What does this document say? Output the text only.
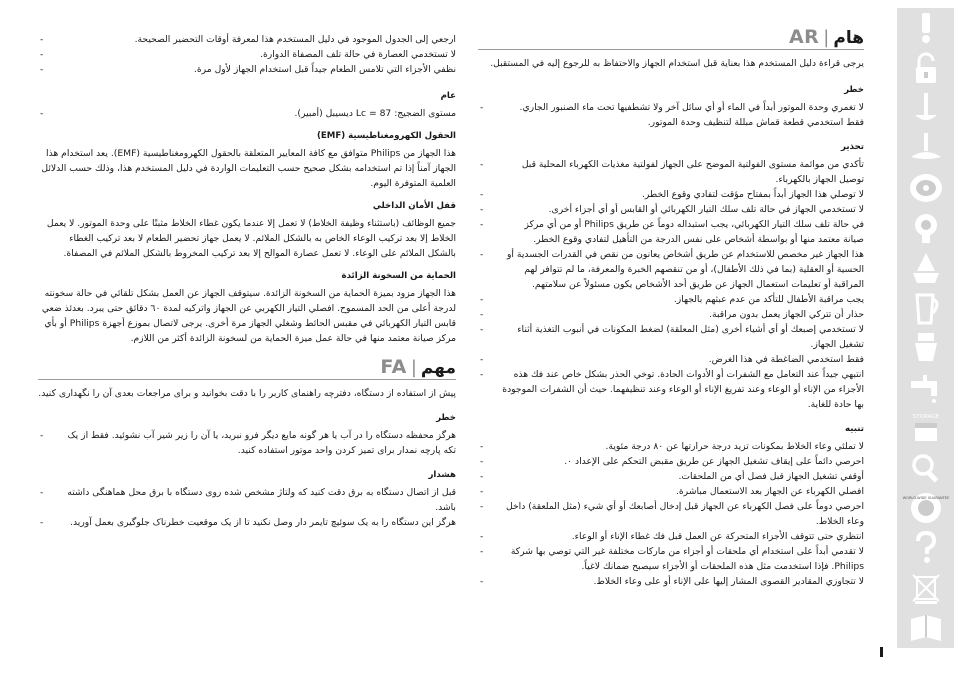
ارجعي إلى الجدول الموجود في دليل المستخدم هذا لمعرفة أوقات التحضير الصحيحة. -
لا تستخدمي العصارة في حالة تلف المصفاة الدوارة. -
نظفي الأجزاء التي تلامس الطعام جيداً قبل استخدام الجهاز لأول مرة. -
عام
مستوى الضجيج: Lc = 87 ديسيبل (أمبير). -
الحقول الكهرومغناطيسية (EMF)

هذا الجهاز من Philips متوافق مع كافة المعايير المتعلقة بالحقول الكهرومغناطيسية (EMF). يعد استخدام هذا الجهاز آمناً إذا تم استخدامه بشكل صحيح حسب التعليمات الواردة في دليل المستخدم هذا، وذلك حسب الدلائل العلمية المتوفرة اليوم.

قفل الأمان الداخلي

جميع الوظائف (باستثناء وظيفة الخلاط) لا تعمل إلا عندما يكون غطاء الخلاط مثبتًا على وحدة الموتور. لا يعمل الخلاط إلا بعد تركيب الوعاء الخاص به بالشكل الملائم. لا يعمل جهاز تحضير الطعام لا بعد تركيب الغطاء بالشكل الملائم على الوعاء. لا تعمل عصارة الموالح إلا بعد تركيب المخروط بالشكل الملائم في المصفاة.

الحماية من السخونة الزائدة

هذا الجهاز مزود بميزة الحماية من السخونة الزائدة. سيتوقف الجهاز عن العمل بشكل تلقائي في حالة سخونته لدرجة أعلى من الحد المسموح. افصلي التيار الكهربي عن الجهاز واتركيه لمدة ٦٠ دقائق حتى يبرد. بعدئذ ضعي قابس التيار الكهربائي في مقبس الحائط وشغلي الجهاز مرة أخرى. يرجى لاتصال بموزع أجهزة Philips أو بأي مركز صيانة معتمد منها في حالة عمل ميزة الحماية من لسخونة الزائدة أكثر من اللازم.

FA | مهم

پیش از استفاده از دستگاه، دفترچه راهنمای کاربر را با دقت بخوانید و برای مراجعات بعدی آن را نگهداری کنید.

خطر
هرگز محفظه دستگاه را در آب یا هر گونه مایع دیگر فرو نبرید، یا آن را زیر شیر آب نشوئید. فقط از یک تکه پارچه نمدار برای تمیز کردن واحد موتور استفاده کنید. -
هشدار
قبل از اتصال دستگاه به برق دقت کنید که ولتاژ مشخص شده روی دستگاه با برق محل هماهنگی داشته باشد. -
هرگز این دستگاه را به یک سوئیچ تایمر دار وصل نکنید تا از یک موقعیت خطرناک جلوگیری بعمل آورید. -
AR | هام

يرجى قراءة دليل المستخدم هذا بعناية قبل استخدام الجهاز والاحتفاظ به للرجوع إليه في المستقبل.

خطر
لا تغمري وحدة الموتور أبداً في الماء أو أي سائل آخر ولا تشطفيها تحت ماء الصنبور الجاري. فقط استخدمي قطعة قماش مبللة لتنظيف وحدة الموتور. -
تحذير
تأكدي من موائمة مستوى الفولتية الموضح على الجهاز لفولتية مغذيات الكهرباء المحلية قبل توصيل الجهاز بالكهرباء. -
لا توصلي هذا الجهاز أبداً بمفتاح مؤقت لتفادي وقوع الخطر. -
لا تستخدمي الجهاز في حالة تلف سلك التيار الكهربائي أو القابس أو أي أجزاء أخرى. -
في حالة تلف سلك التيار الكهربائي، يجب استبداله دوماً عن طريق Philips أو من أي مركز صيانة معتمد منها أو بواسطة أشخاص على نفس الدرجة من التأهيل لتفادي وقوع الخطر. -
هذا الجهاز غير مخصص للاستخدام عن طريق أشخاص يعانون من نقص في القدرات الجسدية أو الحسية أو العقلية (بما في ذلك الأطفال)، أو من تنقصهم الخبرة والمعرفة، ما لم تتوافر لهم المراقبة أو تعليمات استعمال الجهاز عن طريق أحد الأشخاص يكون مسئولاً عن سلامتهم. -
يجب مراقبة الأطفال للتأكد من عدم عبثهم بالجهاز. -
حذار أن تتركي الجهاز يعمل بدون مراقبة. -
لا تستخدمي إصبعك أو أي أشياء أخرى (مثل المعلقة) لضغط المكونات في أنبوب التغذية أثناء تشغيل الجهاز. -
فقط استخدمي الضاغطة في هذا الغرض. -
انتبهي جيداً عند التعامل مع الشفرات أو الأدوات الحادة. توخي الحذر بشكل خاص عند فك هذه الأجزاء من الإناء أو الوعاء وعند تفريغ الإناء أو الوعاء وعند تنظيفهما. حيث أن الشفرات الموجودة بها حادة للغاية. -
تنبيه
لا تملئي وعاء الخلاط بمكونات تزيد درجة حرارتها عن ٨٠ درجة مئوية. -
احرصي دائماً على إيقاف تشغيل الجهاز عن طريق مقبض التحكم على الإعداد ٠. -
أوقفي تشغيل الجهاز قبل فصل أي من الملحقات. -
افصلي الكهرباء عن الجهاز بعد الاستعمال مباشرة. -
احرصي دوماً على فصل الكهرباء عن الجهاز قبل إدخال أصابعك أو أي شيء (مثل الملعقة) داخل وعاء الخلاط. -
انتظري حتى تتوقف الأجزاء المتحركة عن العمل قبل فك غطاء الإناء أو الوعاء. -
لا تقدمي أبداً على استخدام أي ملحقات أو أجزاء من ماركات مختلفة غير التي توصي بها شركة Philips. فإذا استخدمت مثل هذه الملحقات أو الأجزاء سيصبح ضمانك لاغياً. -
لا تتجاوزي المقادير القصوى المشار إليها على الإناء أو على وعاء الخلاط. -
STORAGE
WORLD-WIDE GUARANTEE
